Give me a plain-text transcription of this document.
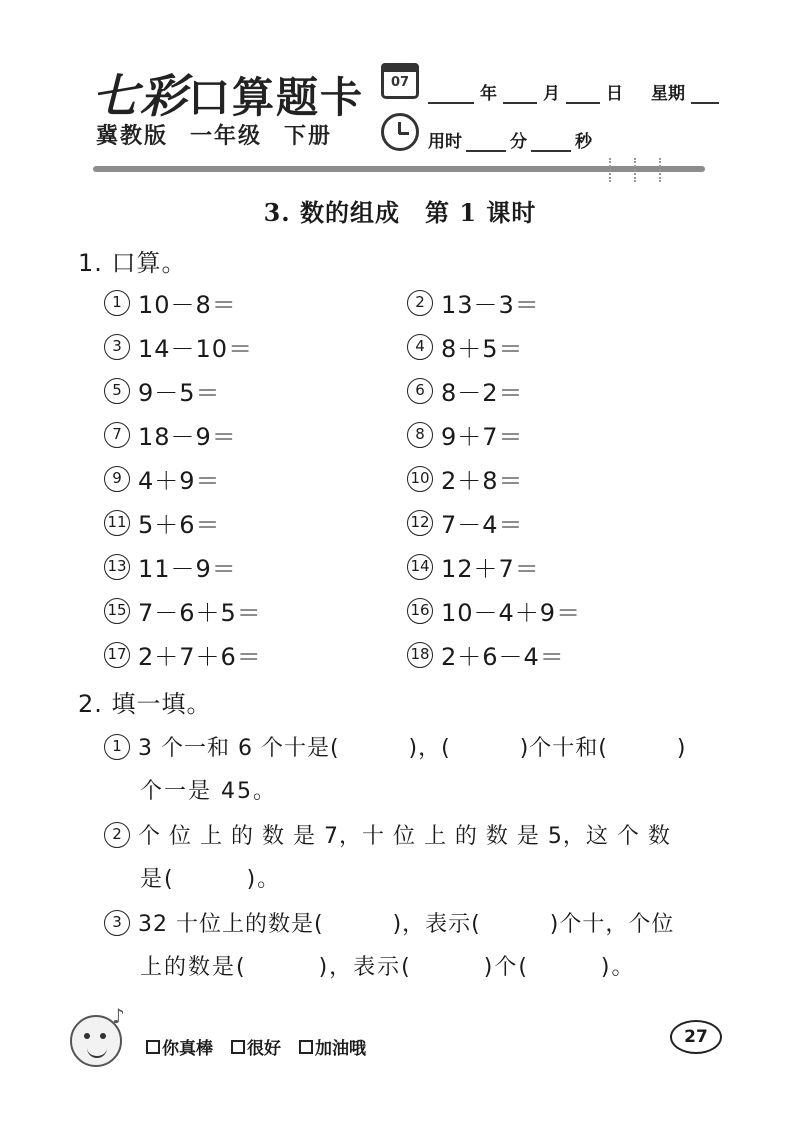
七彩口算题卡
冀教版 一年级 下册
07
年	月	日 星期
用时	分	秒
3. 数的组成　第 1 课时
1. 口算。
1 10－8＝	2 13－3＝
3 14－10＝	4 8＋5＝
5 9－5＝	6 8－2＝
7 18－9＝	8 9＋7＝
9 4＋9＝	10 2＋8＝
11 5＋6＝	12 7－4＝
13 11－9＝	14 12＋7＝
15 7－6＋5＝	16 10－4＋9＝
17 2＋7＋6＝	18 2＋6－4＝
2. 填一填。
1 3 个一和 6 个十是(　　　)，(　　　)个十和(　　　)
个一是 45。
2 个 位 上 的 数 是 7，十 位 上 的 数 是 5，这 个 数
是(　　　)。
3 32 十位上的数是(　　　)，表示(　　　)个十，个位
上的数是(　　　)，表示(　　　)个(　　　)。
♪
你真棒 很好 加油哦
27
